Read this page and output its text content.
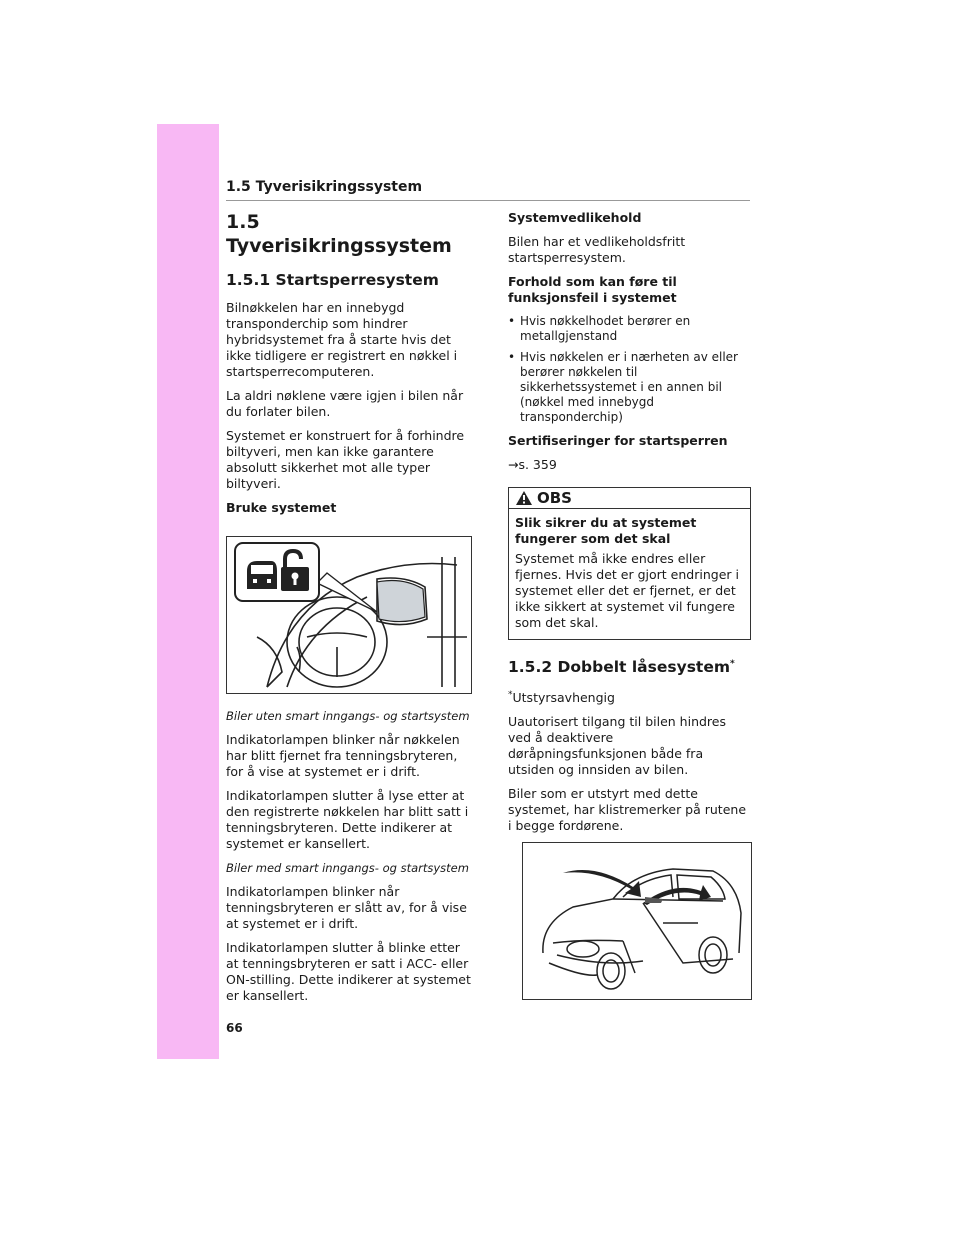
1.5 Tyverisikringssystem
1.5 Tyverisikringssystem
1.5.1 Startsperresystem

Bilnøkkelen har en innebygd transponderchip som hindrer hybridsystemet fra å starte hvis det ikke tidligere er registrert en nøkkel i startsperrecomputeren.

La aldri nøklene være igjen i bilen når du forlater bilen.

Systemet er konstruert for å forhindre biltyveri, men kan ikke garantere absolutt sikkerhet mot alle typer biltyveri.

Bruke systemet

Biler uten smart inngangs- og startsystem

Indikatorlampen blinker når nøkkelen har blitt fjernet fra tenningsbryteren, for å vise at systemet er i drift.

Indikatorlampen slutter å lyse etter at den registrerte nøkkelen har blitt satt i tenningsbryteren. Dette indikerer at systemet er kansellert.

Biler med smart inngangs- og startsystem

Indikatorlampen blinker når tenningsbryteren er slått av, for å vise at systemet er i drift.

Indikatorlampen slutter å blinke etter at tenningsbryteren er satt i ACC- eller ON-stilling. Dette indikerer at systemet er kansellert.

Systemvedlikehold

Bilen har et vedlikeholdsfritt startsperresystem.

Forhold som kan føre til funksjonsfeil i systemet

• Hvis nøkkelhodet berører en metallgjenstand
• Hvis nøkkelen er i nærheten av eller berører nøkkelen til sikkerhetssystemet i en annen bil (nøkkel med innebygd transponderchip)

Sertifiseringer for startsperren

→s. 359

OBS

Slik sikrer du at systemet fungerer som det skal

Systemet må ikke endres eller fjernes. Hvis det er gjort endringer i systemet eller det er fjernet, er det ikke sikkert at systemet vil fungere som det skal.

1.5.2 Dobbelt låsesystem*

*Utstyrsavhengig

Uautorisert tilgang til bilen hindres ved å deaktivere døråpningsfunksjonen både fra utsiden og innsiden av bilen.

Biler som er utstyrt med dette systemet, har klistremerker på rutene i begge fordørene.

66
